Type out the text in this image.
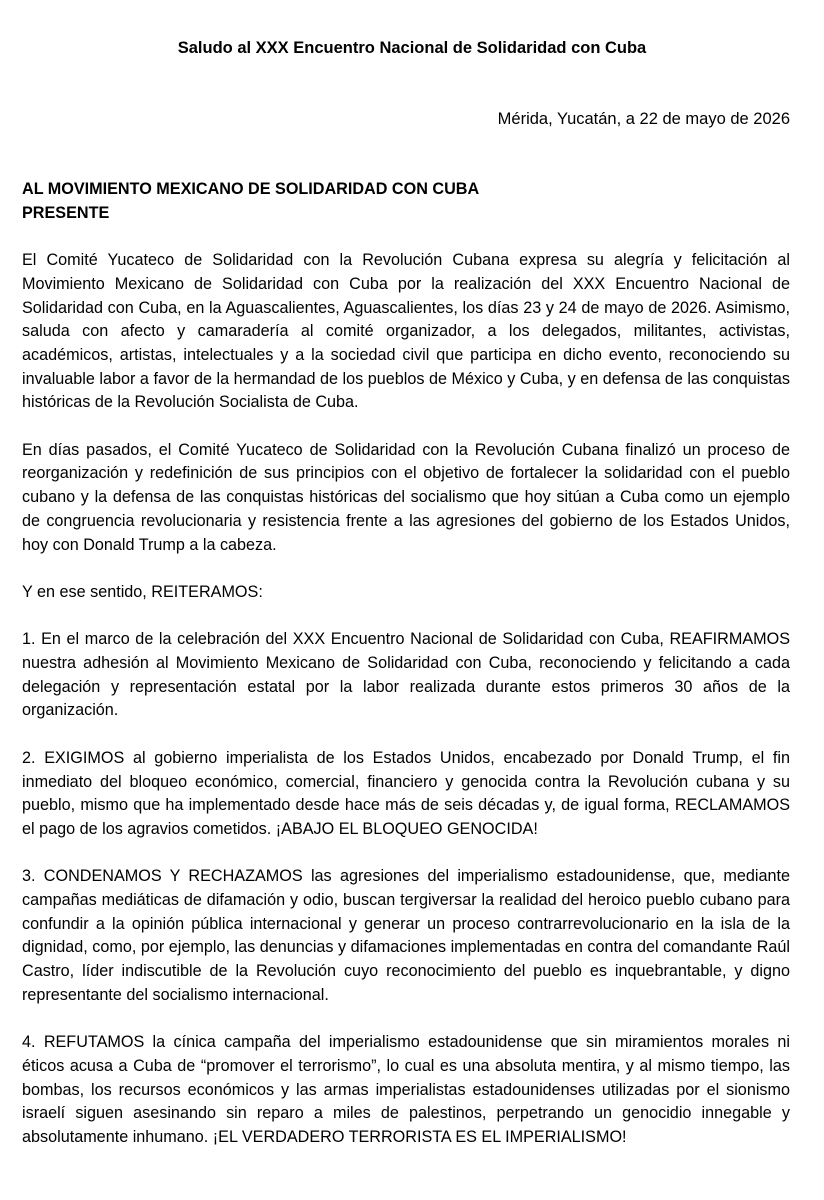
Saludo al XXX Encuentro Nacional de Solidaridad con Cuba
Mérida, Yucatán, a 22 de mayo de 2026
AL MOVIMIENTO MEXICANO DE SOLIDARIDAD CON CUBA
PRESENTE

El Comité Yucateco de Solidaridad con la Revolución Cubana expresa su alegría y felicitación al Movimiento Mexicano de Solidaridad con Cuba por la realización del XXX Encuentro Nacional de Solidaridad con Cuba, en la Aguascalientes, Aguascalientes, los días 23 y 24 de mayo de 2026. Asimismo, saluda con afecto y camaradería al comité organizador, a los delegados, militantes, activistas, académicos, artistas, intelectuales y a la sociedad civil que participa en dicho evento, reconociendo su invaluable labor a favor de la hermandad de los pueblos de México y Cuba, y en defensa de las conquistas históricas de la Revolución Socialista de Cuba.

En días pasados, el Comité Yucateco de Solidaridad con la Revolución Cubana finalizó un proceso de reorganización y redefinición de sus principios con el objetivo de fortalecer la solidaridad con el pueblo cubano y la defensa de las conquistas históricas del socialismo que hoy sitúan a Cuba como un ejemplo de congruencia revolucionaria y resistencia frente a las agresiones del gobierno de los Estados Unidos, hoy con Donald Trump a la cabeza.

Y en ese sentido, REITERAMOS:

1. En el marco de la celebración del XXX Encuentro Nacional de Solidaridad con Cuba, REAFIRMAMOS nuestra adhesión al Movimiento Mexicano de Solidaridad con Cuba, reconociendo y felicitando a cada delegación y representación estatal por la labor realizada durante estos primeros 30 años de la organización.

2. EXIGIMOS al gobierno imperialista de los Estados Unidos, encabezado por Donald Trump, el fin inmediato del bloqueo económico, comercial, financiero y genocida contra la Revolución cubana y su pueblo, mismo que ha implementado desde hace más de seis décadas y, de igual forma, RECLAMAMOS el pago de los agravios cometidos. ¡ABAJO EL BLOQUEO GENOCIDA!

3. CONDENAMOS Y RECHAZAMOS las agresiones del imperialismo estadounidense, que, mediante campañas mediáticas de difamación y odio, buscan tergiversar la realidad del heroico pueblo cubano para confundir a la opinión pública internacional y generar un proceso contrarrevolucionario en la isla de la dignidad, como, por ejemplo, las denuncias y difamaciones implementadas en contra del comandante Raúl Castro, líder indiscutible de la Revolución cuyo reconocimiento del pueblo es inquebrantable, y digno representante del socialismo internacional.

4. REFUTAMOS la cínica campaña del imperialismo estadounidense que sin miramientos morales ni éticos acusa a Cuba de “promover el terrorismo”, lo cual es una absoluta mentira, y al mismo tiempo, las bombas, los recursos económicos y las armas imperialistas estadounidenses utilizadas por el sionismo israelí siguen asesinando sin reparo a miles de palestinos, perpetrando un genocidio innegable y absolutamente inhumano. ¡EL VERDADERO TERRORISTA ES EL IMPERIALISMO!
